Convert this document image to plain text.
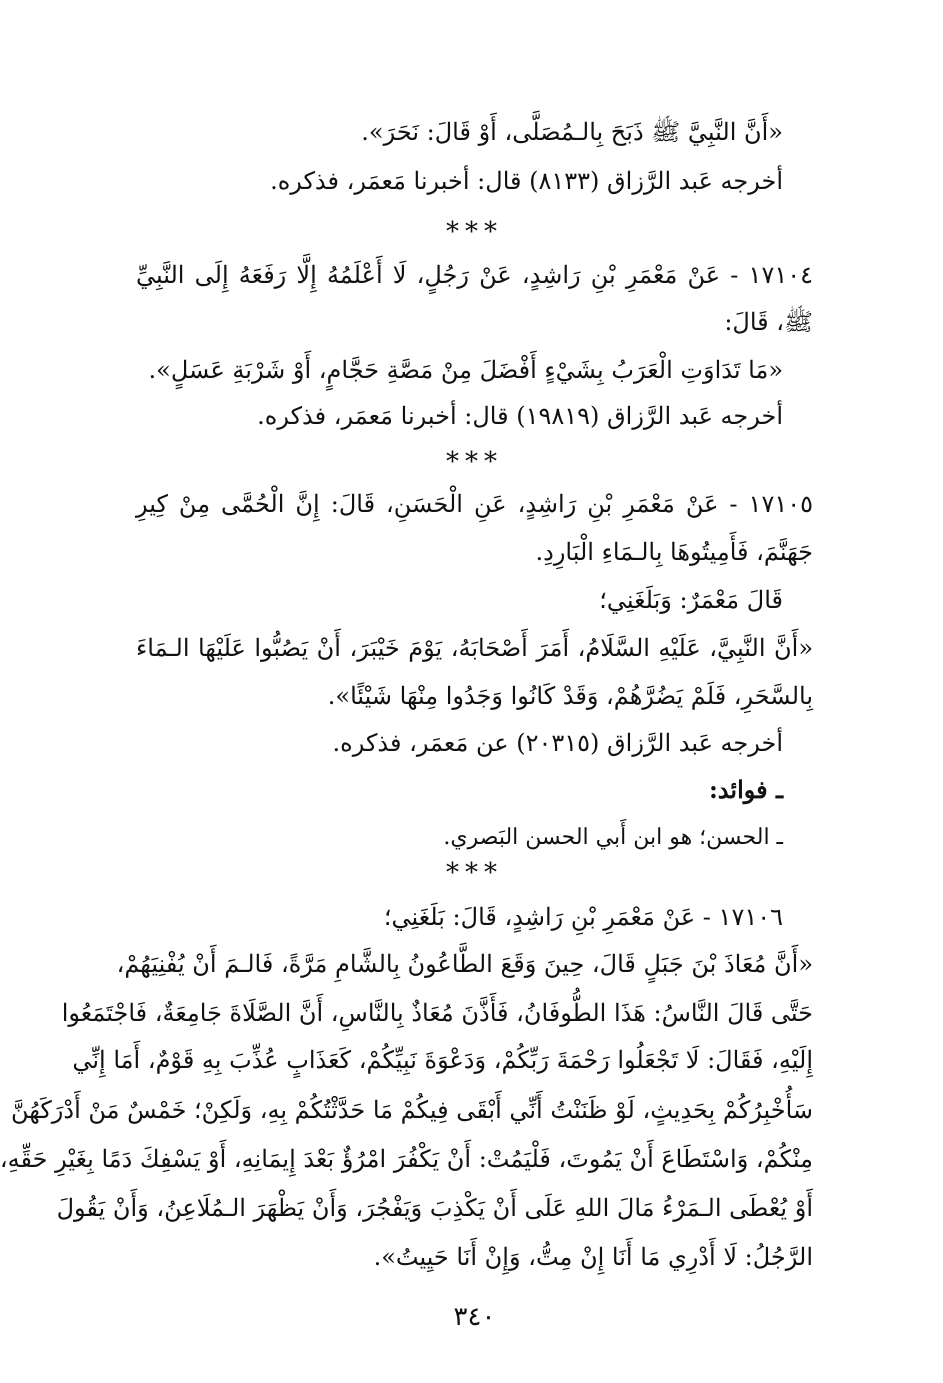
«أَنَّ النَّبِيَّ ﷺ ذَبَحَ بِالـمُصَلَّى، أَوْ قَالَ: نَحَرَ».

أخرجه عَبد الرَّزاق (٨١٣٣) قال: أخبرنا مَعمَر، فذكره.

***

١٧١٠٤ - عَنْ مَعْمَرِ بْنِ رَاشِدٍ، عَنْ رَجُلٍ، لَا أَعْلَمُهُ إِلَّا رَفَعَهُ إِلَى النَّبِيِّ

ﷺ، قَالَ:

«مَا تَدَاوَتِ الْعَرَبُ بِشَيْءٍ أَفْضَلَ مِنْ مَصَّةِ حَجَّامٍ، أَوْ شَرْبَةِ عَسَلٍ».

أخرجه عَبد الرَّزاق (١٩٨١٩) قال: أخبرنا مَعمَر، فذكره.

***

١٧١٠٥ - عَنْ مَعْمَرِ بْنِ رَاشِدٍ، عَنِ الْحَسَنِ، قَالَ: إِنَّ الْحُمَّى مِنْ كِيرِ

جَهَنَّمَ، فَأَمِيتُوهَا بِالـمَاءِ الْبَارِدِ.

قَالَ مَعْمَرٌ: وَبَلَغَنِي؛

«أَنَّ النَّبِيَّ، عَلَيْهِ السَّلَامُ، أَمَرَ أَصْحَابَهُ، يَوْمَ خَيْبَرَ، أَنْ يَصُبُّوا عَلَيْهَا الـمَاءَ

بِالسَّحَرِ، فَلَمْ يَضُرَّهُمْ، وَقَدْ كَانُوا وَجَدُوا مِنْهَا شَيْئًا».

أخرجه عَبد الرَّزاق (٢٠٣١٥) عن مَعمَر، فذكره.

ـ فوائد:

ـ الحسن؛ هو ابن أَبي الحسن البَصري.

***

١٧١٠٦ - عَنْ مَعْمَرِ بْنِ رَاشِدٍ، قَالَ: بَلَغَنِي؛

«أَنَّ مُعَاذَ بْنَ جَبَلٍ قَالَ، حِينَ وَقَعَ الطَّاعُونُ بِالشَّامِ مَرَّةً، فَالـمَ أَنْ يُفْنِيَهُمْ،

حَتَّى قَالَ النَّاسُ: هَذَا الطُّوفَانُ، فَأَذَّنَ مُعَاذٌ بِالنَّاسِ، أَنَّ الصَّلَاةَ جَامِعَةٌ، فَاجْتَمَعُوا

إِلَيْهِ، فَقَالَ: لَا تَجْعَلُوا رَحْمَةَ رَبِّكُمْ، وَدَعْوَةَ نَبِيِّكُمْ، كَعَذَابٍ عُذِّبَ بِهِ قَوْمٌ، أَمَا إِنِّي

سَأُخْبِرُكُمْ بِحَدِيثٍ، لَوْ ظَنَنْتُ أَنِّي أَبْقَى فِيكُمْ مَا حَدَّثْتُكُمْ بِهِ، وَلَكِنْ؛ خَمْسٌ مَنْ أَدْرَكَهُنَّ

مِنْكُمْ، وَاسْتَطَاعَ أَنْ يَمُوتَ، فَلْيَمُتْ: أَنْ يَكْفُرَ امْرُؤٌ بَعْدَ إِيمَانِهِ، أَوْ يَسْفِكَ دَمًا بِغَيْرِ حَقِّهِ،

أَوْ يُعْطَى الـمَرْءُ مَالَ اللهِ عَلَى أَنْ يَكْذِبَ وَيَفْجُرَ، وَأَنْ يَظْهَرَ الـمُلَاعِنُ، وَأَنْ يَقُولَ

الرَّجُلُ: لَا أَدْرِي مَا أَنَا إِنْ مِتُّ، وَإِنْ أَنَا حَيِيتُ».

٣٤٠
